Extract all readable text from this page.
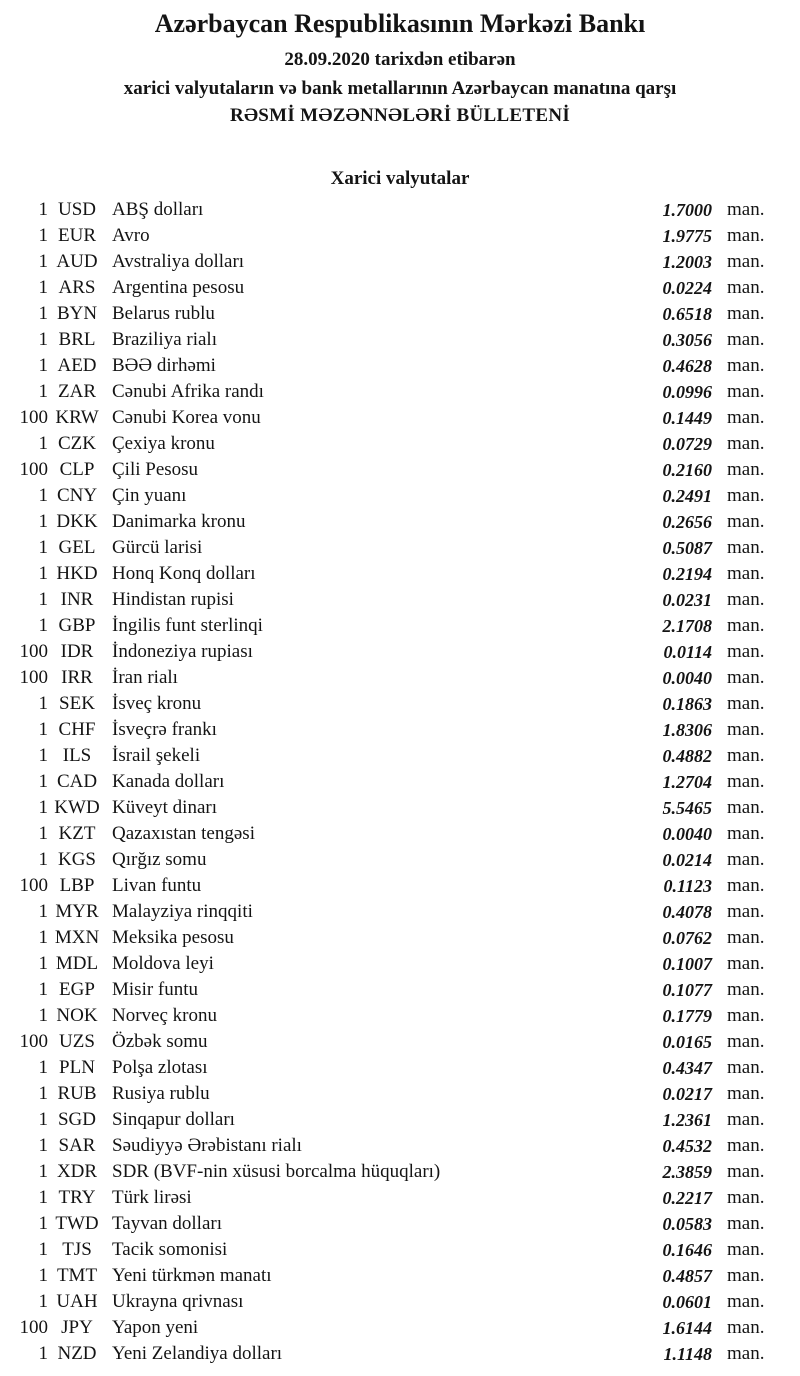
Azərbaycan Respublikasının Mərkəzi Bankı
28.09.2020 tarixdən etibarən
xarici valyutaların və bank metallarının Azərbaycan manatına qarşı
RƏSMİ MƏZƏNNƏLƏRİ BÜLLETENİ
Xarici valyutalar
1 USD ABŞ dolları	1.7000 man.
1 EUR Avro	1.9775 man.
1 AUD Avstraliya dolları	1.2003 man.
1 ARS Argentina pesosu	0.0224 man.
1 BYN Belarus rublu	0.6518 man.
1 BRL Braziliya rialı	0.3056 man.
1 AED BƏƏ dirhəmi	0.4628 man.
1 ZAR Cənubi Afrika randı	0.0996 man.
100 KRW Cənubi Korea vonu	0.1449 man.
1 CZK Çexiya kronu	0.0729 man.
100 CLP Çili Pesosu	0.2160 man.
1 CNY Çin yuanı	0.2491 man.
1 DKK Danimarka kronu	0.2656 man.
1 GEL Gürcü larisi	0.5087 man.
1 HKD Honq Konq dolları	0.2194 man.
1 INR Hindistan rupisi	0.0231 man.
1 GBP İngilis funt sterlinqi	2.1708 man.
100 IDR İndoneziya rupiası	0.0114 man.
100 IRR	İran rialı	0.0040 man.
1 SEK İsveç kronu	0.1863 man.
1 CHF İsveçrə frankı	1.8306 man.
1 ILS	İsrail şekeli	0.4882 man.
1 CAD Kanada dolları	1.2704 man.
1 KWD Küveyt dinarı	5.5465 man.
1 KZT Qazaxıstan tengəsi	0.0040 man.
1 KGS Qırğız somu	0.0214 man.
100 LBP Livan funtu	0.1123 man.
1 MYR Malayziya rinqqiti	0.4078 man.
1 MXN Meksika pesosu	0.0762 man.
1 MDL Moldova leyi	0.1007 man.
1 EGP Misir funtu	0.1077 man.
1 NOK Norveç kronu	0.1779 man.
100 UZS Özbək somu	0.0165 man.
1 PLN Polşa zlotası	0.4347 man.
1 RUB Rusiya rublu	0.0217 man.
1 SGD Sinqapur dolları	1.2361 man.
1 SAR Səudiyyə Ərəbistanı rialı	0.4532 man.
1 XDR SDR (BVF-nin xüsusi borcalma hüquqları)	2.3859 man.
1 TRY Türk lirəsi	0.2217 man.
1 TWD Tayvan dolları	0.0583 man.
1 TJS	Tacik somonisi	0.1646 man.
1 TMT Yeni türkmən manatı	0.4857 man.
1 UAH Ukrayna qrivnası	0.0601 man.
100 JPY	Yapon yeni	1.6144 man.
1 NZD Yeni Zelandiya dolları	1.1148 man.
